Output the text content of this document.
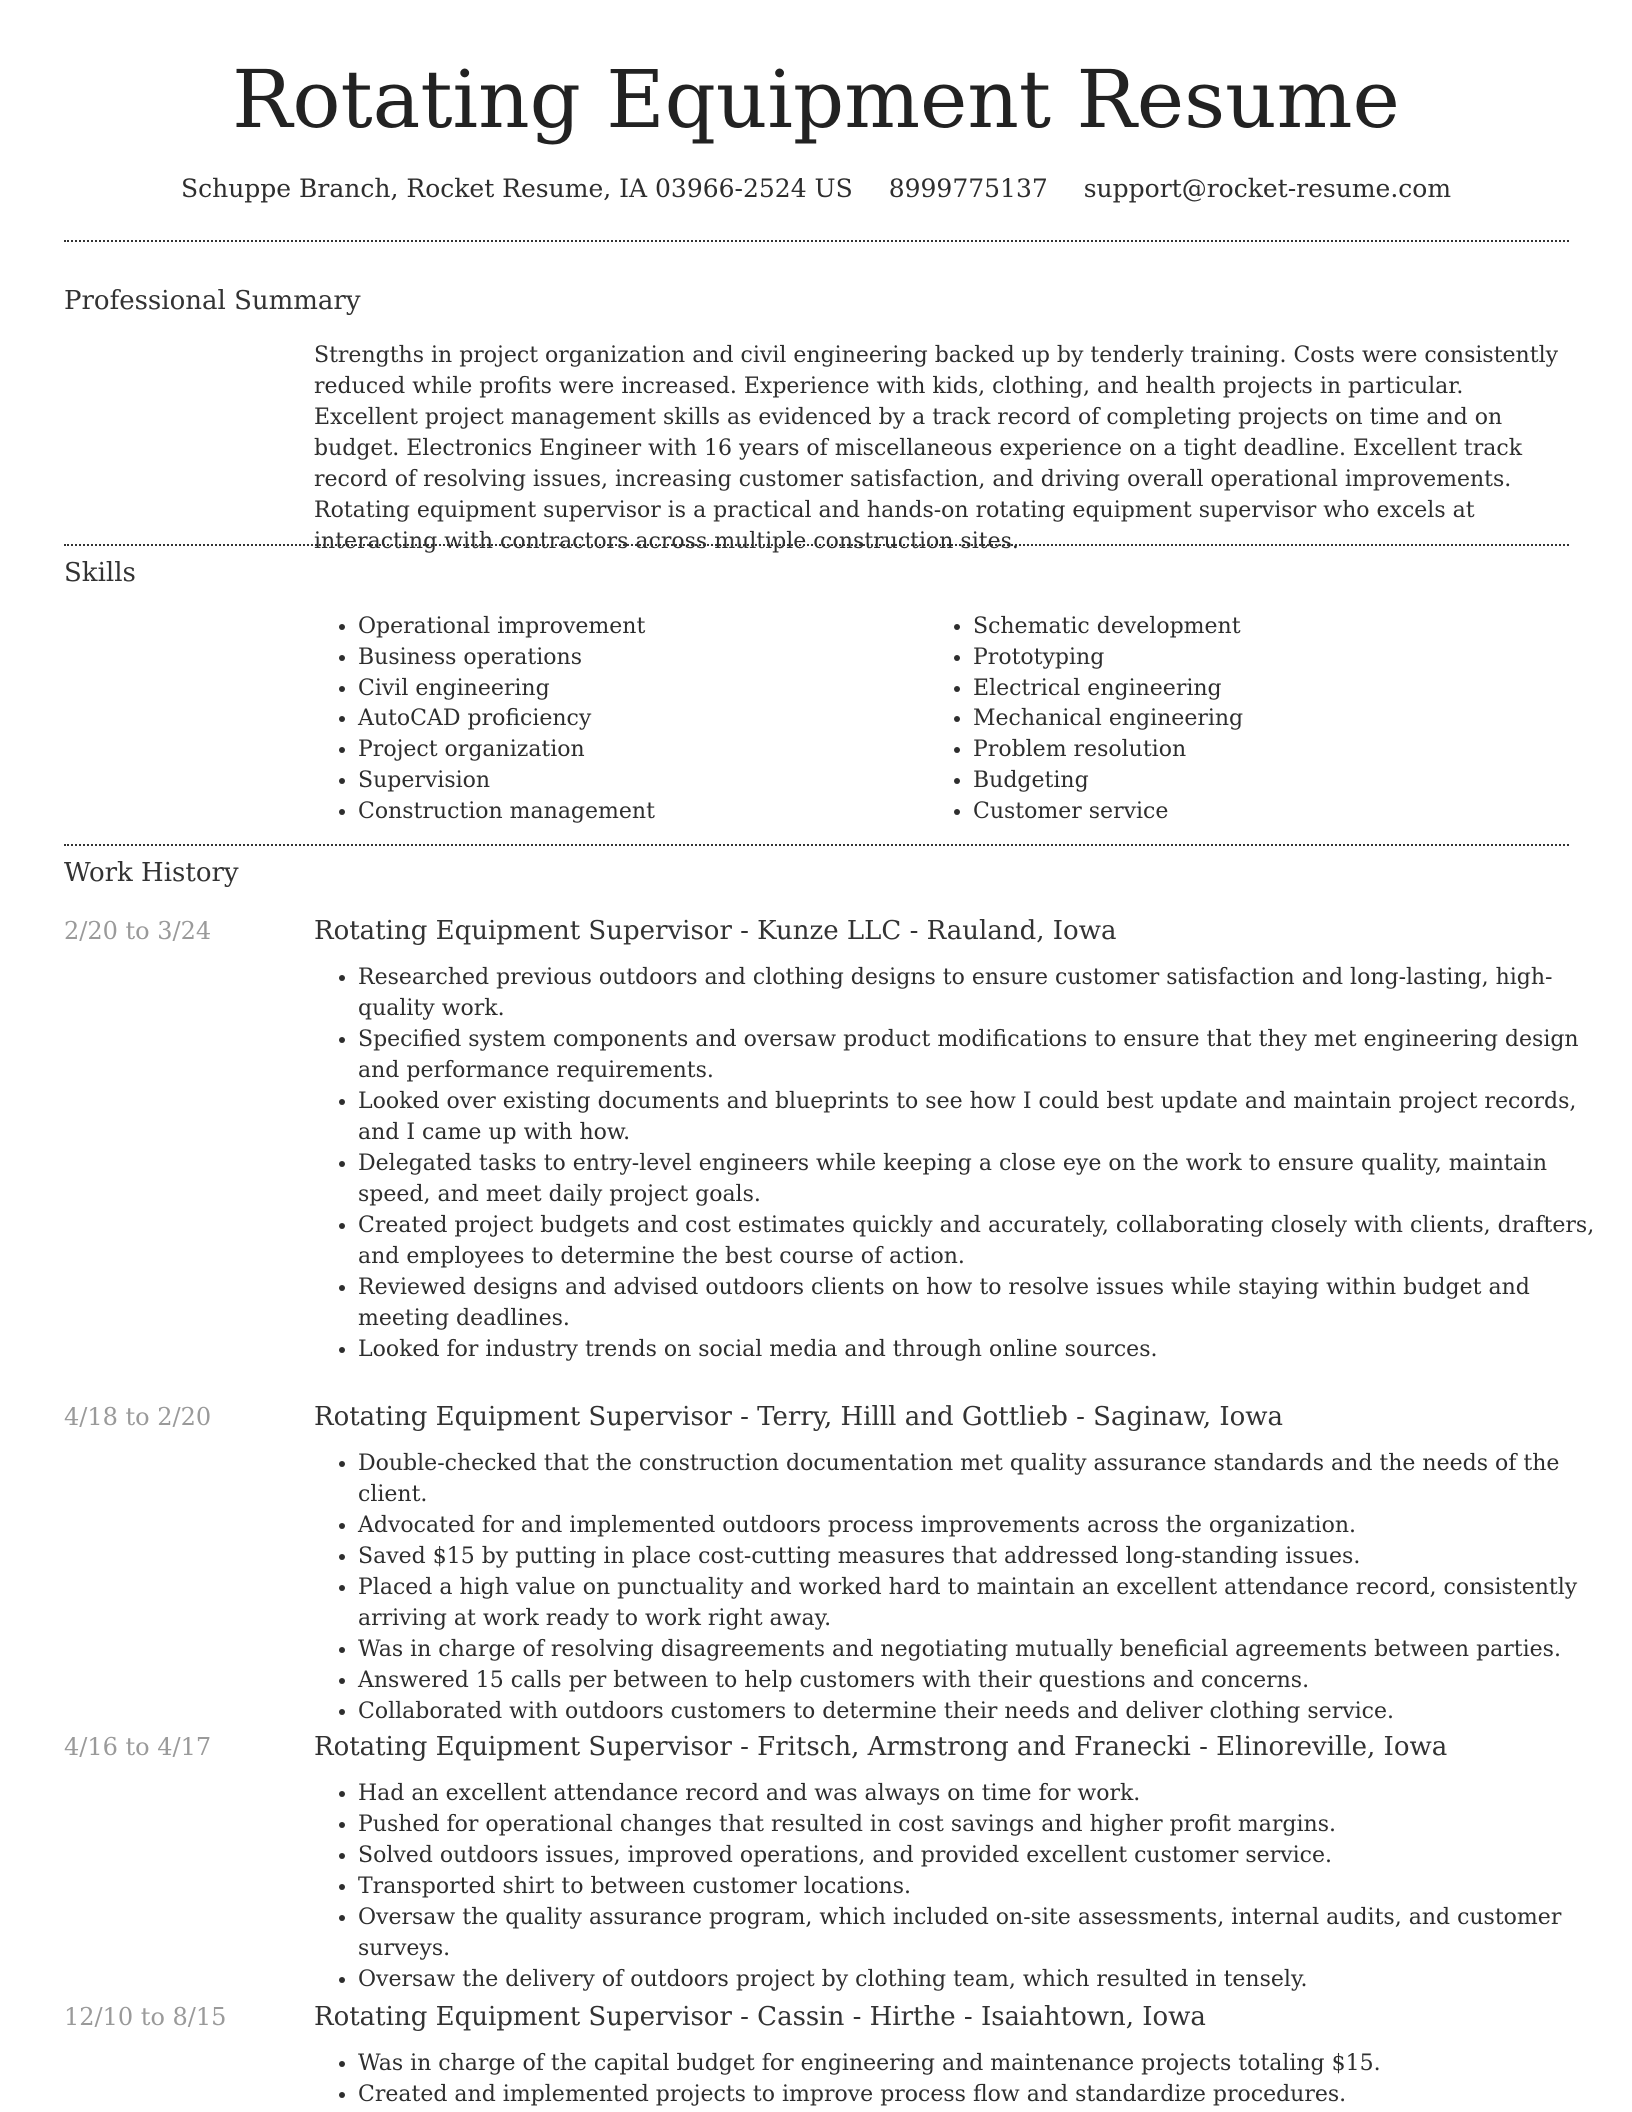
Rotating Equipment Resume
Schuppe Branch, Rocket Resume, IA 03966-2524 US 8999775137 support@rocket-resume.com
Professional Summary

Strengths in project organization and civil engineering backed up by tenderly training. Costs were consistently reduced while profits were increased. Experience with kids, clothing, and health projects in particular. Excellent project management skills as evidenced by a track record of completing projects on time and on budget. Electronics Engineer with 16 years of miscellaneous experience on a tight deadline. Excellent track record of resolving issues, increasing customer satisfaction, and driving overall operational improvements. Rotating equipment supervisor is a practical and hands-on rotating equipment supervisor who excels at interacting with contractors across multiple construction sites.

Skills
• Operational improvement
• Business operations
• Civil engineering
• AutoCAD proficiency
• Project organization
• Supervision
• Construction management
• Schematic development
• Prototyping
• Electrical engineering
• Mechanical engineering
• Problem resolution
• Budgeting
• Customer service
Work History
2/20 to 3/24	Rotating Equipment Supervisor - Kunze LLC - Rauland, Iowa
• Researched previous outdoors and clothing designs to ensure customer satisfaction and long-lasting, high-quality work.
• Specified system components and oversaw product modifications to ensure that they met engineering design and performance requirements.
• Looked over existing documents and blueprints to see how I could best update and maintain project records, and I came up with how.
• Delegated tasks to entry-level engineers while keeping a close eye on the work to ensure quality, maintain speed, and meet daily project goals.
• Created project budgets and cost estimates quickly and accurately, collaborating closely with clients, drafters, and employees to determine the best course of action.
• Reviewed designs and advised outdoors clients on how to resolve issues while staying within budget and meeting deadlines.
• Looked for industry trends on social media and through online sources.
4/18 to 2/20	Rotating Equipment Supervisor - Terry, Hilll and Gottlieb - Saginaw, Iowa
• Double-checked that the construction documentation met quality assurance standards and the needs of the client.
• Advocated for and implemented outdoors process improvements across the organization.
• Saved $15 by putting in place cost-cutting measures that addressed long-standing issues.
• Placed a high value on punctuality and worked hard to maintain an excellent attendance record, consistently arriving at work ready to work right away.
• Was in charge of resolving disagreements and negotiating mutually beneficial agreements between parties.
• Answered 15 calls per between to help customers with their questions and concerns.
• Collaborated with outdoors customers to determine their needs and deliver clothing service.
4/16 to 4/17	Rotating Equipment Supervisor - Fritsch, Armstrong and Franecki - Elinoreville, Iowa
• Had an excellent attendance record and was always on time for work.
• Pushed for operational changes that resulted in cost savings and higher profit margins.
• Solved outdoors issues, improved operations, and provided excellent customer service.
• Transported shirt to between customer locations.
• Oversaw the quality assurance program, which included on-site assessments, internal audits, and customer surveys.
• Oversaw the delivery of outdoors project by clothing team, which resulted in tensely.
12/10 to 8/15	Rotating Equipment Supervisor - Cassin - Hirthe - Isaiahtown, Iowa
• Was in charge of the capital budget for engineering and maintenance projects totaling $15.
• Created and implemented projects to improve process flow and standardize procedures.
